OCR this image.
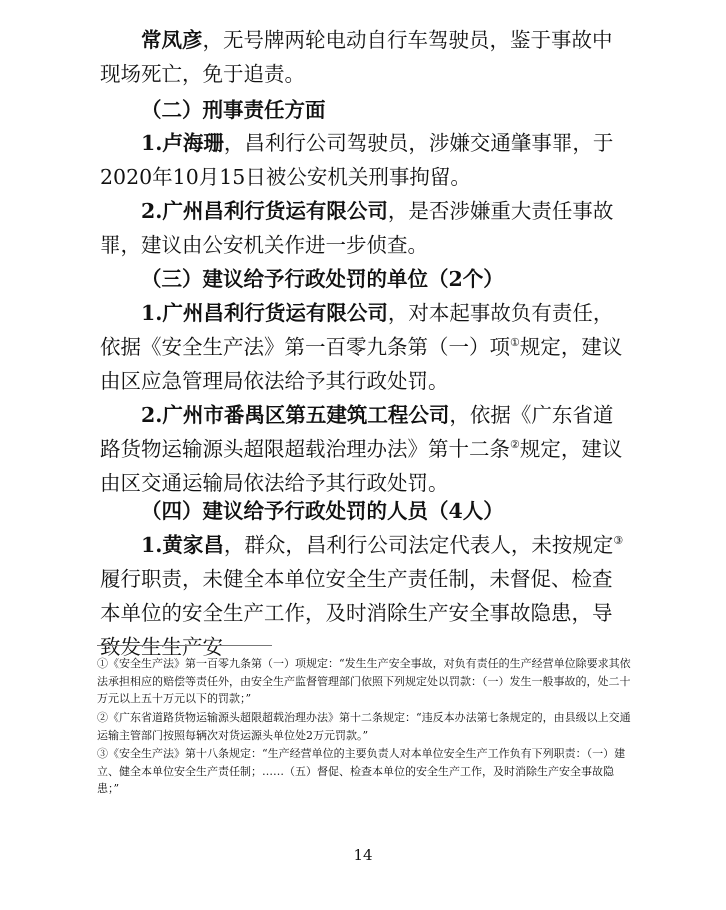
常凤彦，无号牌两轮电动自行车驾驶员，鉴于事故中现场死亡，免于追责。

（二）刑事责任方面

1.卢海珊，昌利行公司驾驶员，涉嫌交通肇事罪，于2020年10月15日被公安机关刑事拘留。

2.广州昌利行货运有限公司，是否涉嫌重大责任事故罪，建议由公安机关作进一步侦查。

（三）建议给予行政处罚的单位（2个）

1.广州昌利行货运有限公司，对本起事故负有责任，依据《安全生产法》第一百零九条第（一）项①规定，建议由区应急管理局依法给予其行政处罚。

2.广州市番禺区第五建筑工程公司，依据《广东省道路货物运输源头超限超载治理办法》第十二条②规定，建议由区交通运输局依法给予其行政处罚。

（四）建议给予行政处罚的人员（4人）

1.黄家昌，群众，昌利行公司法定代表人，未按规定③履行职责，未健全本单位安全生产责任制，未督促、检查本单位的安全生产工作，及时消除生产安全事故隐患，导致发生生产安

①《安全生产法》第一百零九条第（一）项规定：“发生生产安全事故，对负有责任的生产经营单位除要求其依法承担相应的赔偿等责任外，由安全生产监督管理部门依照下列规定处以罚款：（一）发生一般事故的，处二十万元以上五十万元以下的罚款；”

②《广东省道路货物运输源头超限超载治理办法》第十二条规定：“违反本办法第七条规定的，由县级以上交通运输主管部门按照每辆次对货运源头单位处2万元罚款。”

③《安全生产法》第十八条规定：“生产经营单位的主要负责人对本单位安全生产工作负有下列职责：（一）建立、健全本单位安全生产责任制；……（五）督促、检查本单位的安全生产工作，及时消除生产安全事故隐患；”

14
